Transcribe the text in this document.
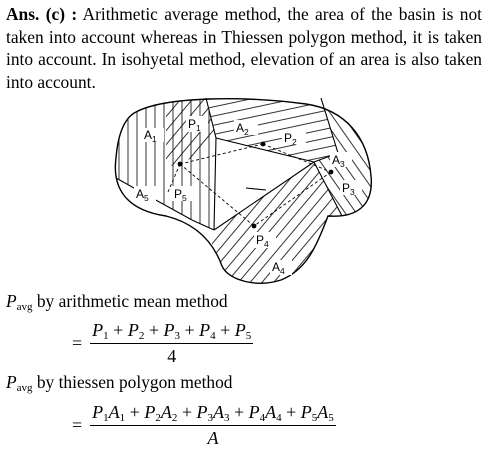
Ans. (c) : Arithmetic average method, the area of the basin is not taken into account whereas in Thiessen polygon method, it is taken into account. In isohyetal method, elevation of an area is also taken into account.
$A_1$
$P_1$	$A_2$	$P_2$
$A_3$
$P_3$
$A_5$ $P_5$
$P_4$
$A_4$
$P_{avg}$ by arithmetic mean method
= $\frac{P_1 + P_2 + P_3 + P_4 + P_5}{4}$
$P_{avg}$ by thiessen polygon method
= $\frac{P_1A_1 + P_2A_2 + P_3A_3 + P_4A_4 + P_5A_5}{A}$
